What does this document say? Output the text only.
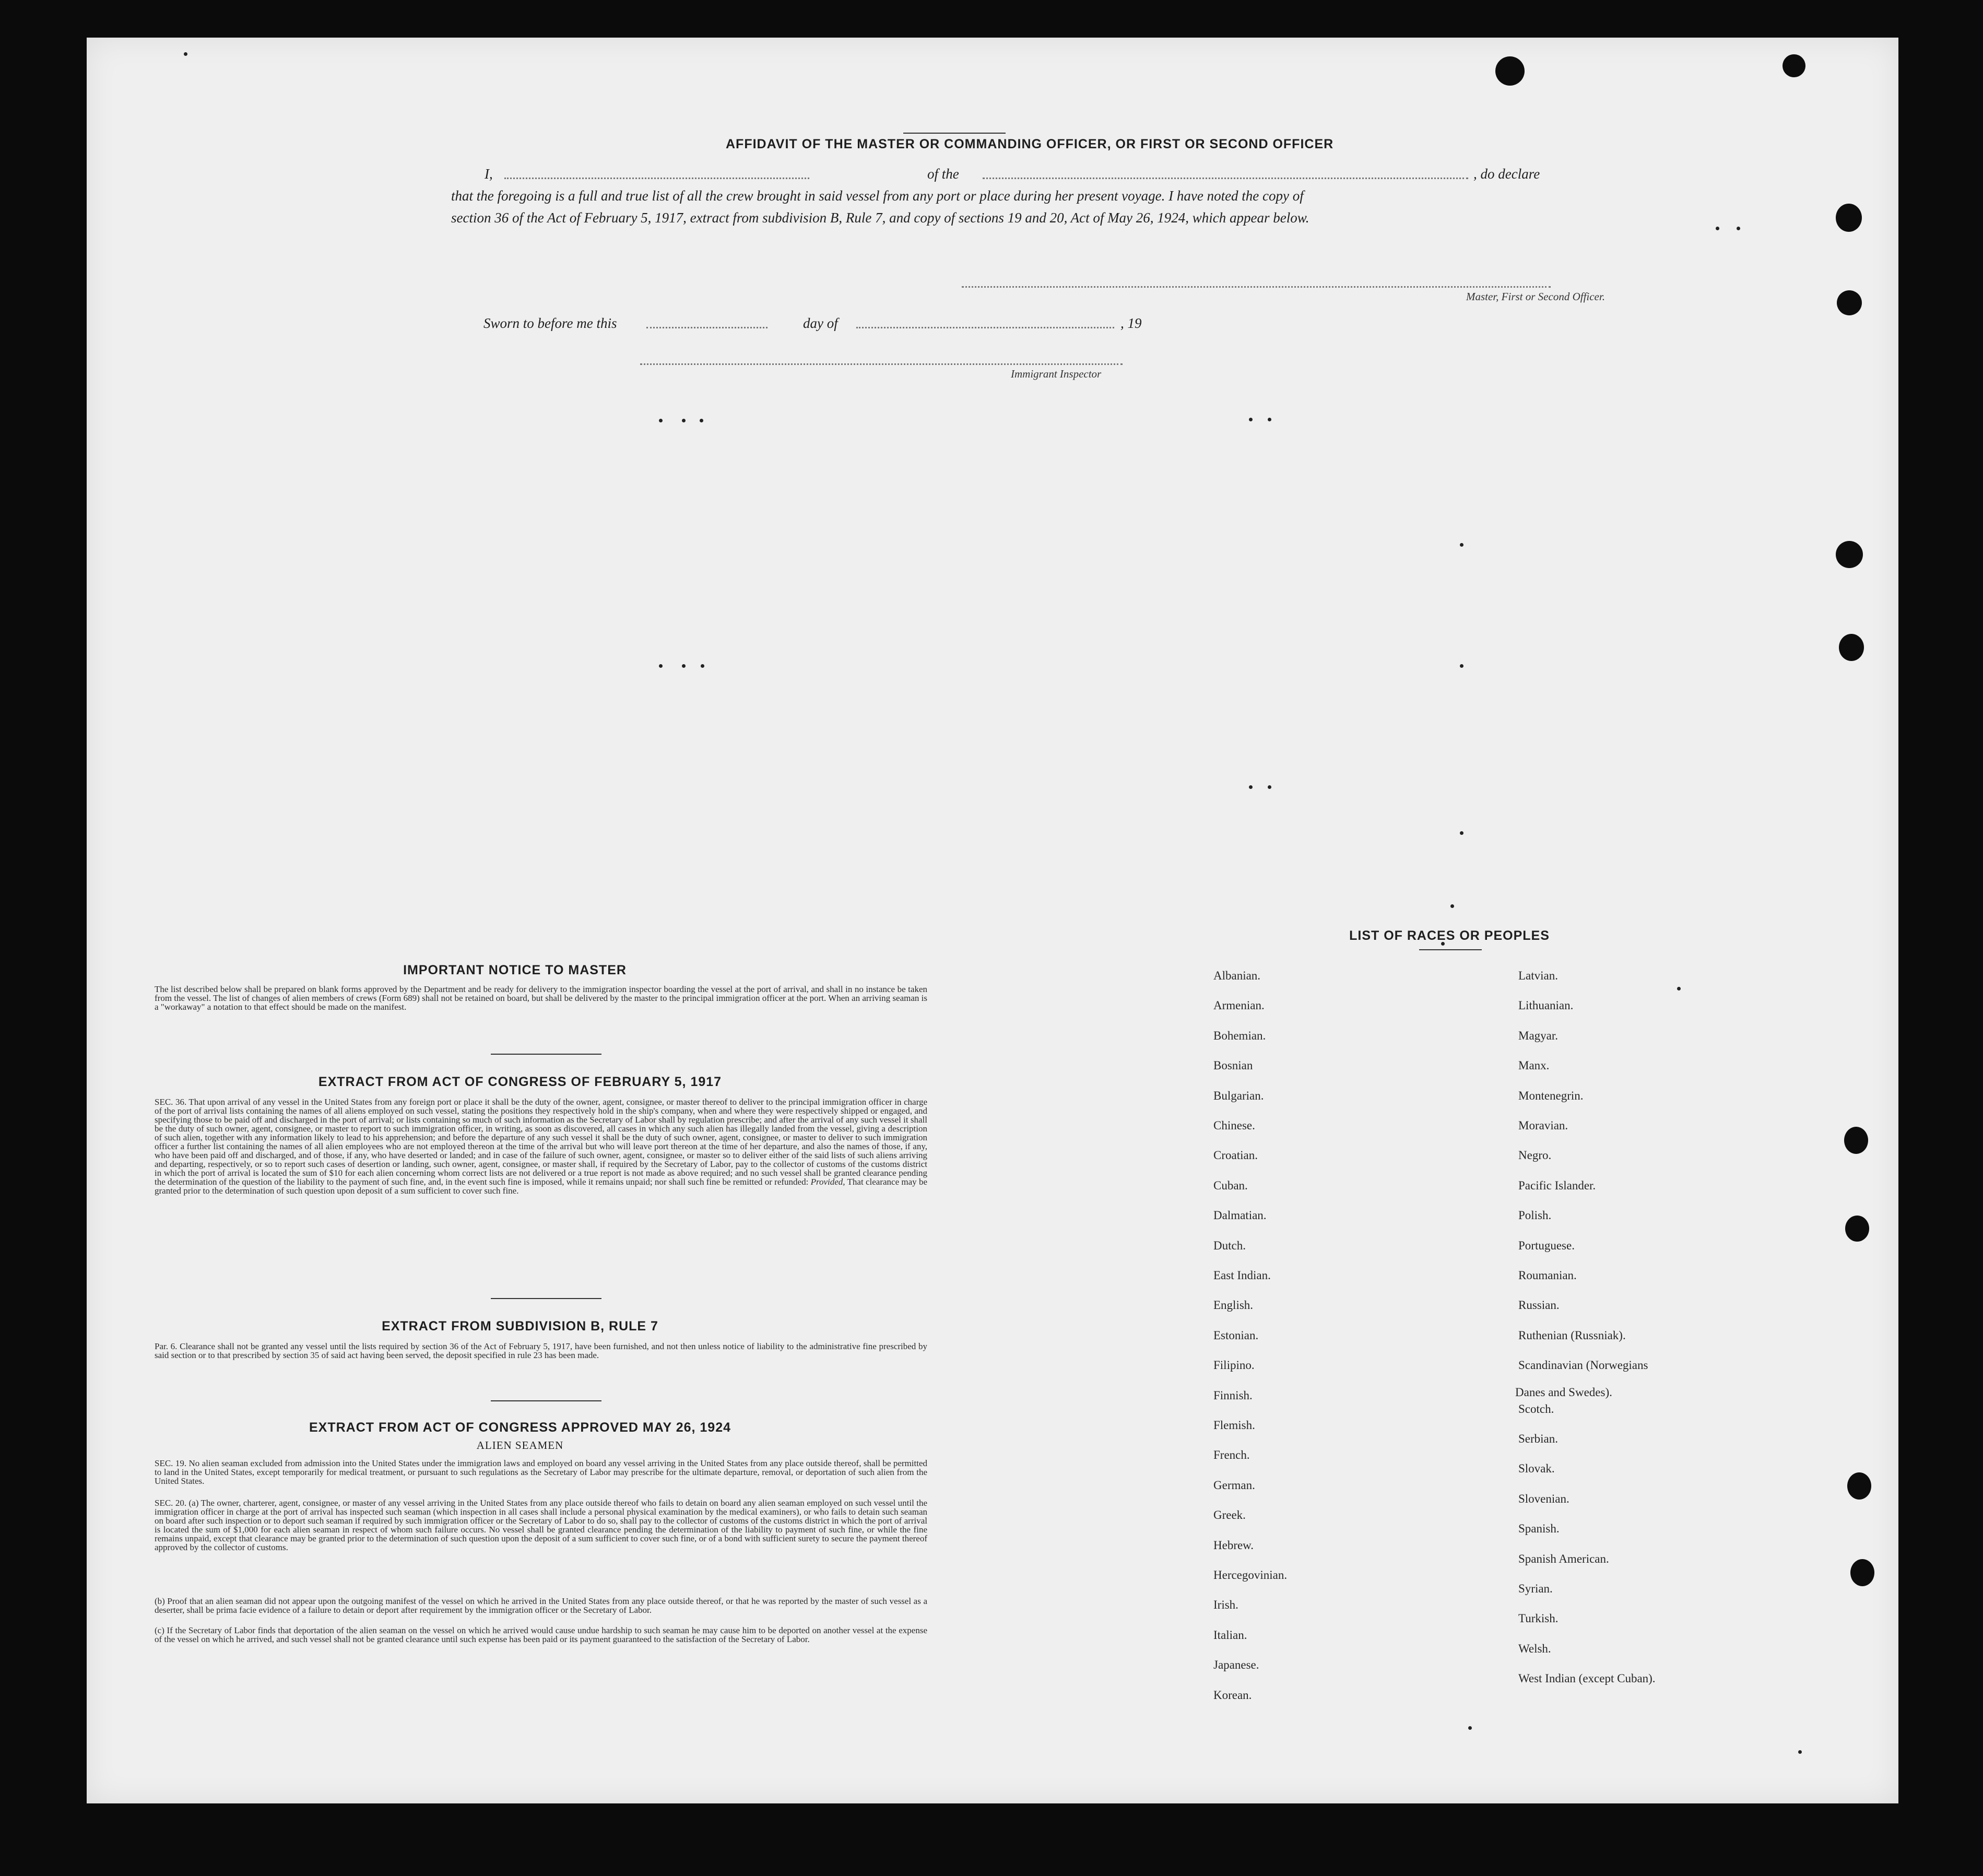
AFFIDAVIT OF THE MASTER OR COMMANDING OFFICER, OR FIRST OR SECOND OFFICER
I,	of the	, do declare
that the foregoing is a full and true list of all the crew brought in said vessel from any port or place during her present voyage. I have noted the copy of
section 36 of the Act of February 5, 1917, extract from subdivision B, Rule 7, and copy of sections 19 and 20, Act of May 26, 1924, which appear below.
Master, First or Second Officer.
Sworn to before me this	day of	, 19
Immigrant Inspector
IMPORTANT NOTICE TO MASTER
The list described below shall be prepared on blank forms approved by the Department and be ready for delivery to the immigration inspector boarding the vessel at the port of arrival, and shall in no instance be taken from the vessel. The list of changes of alien members of crews (Form 689) shall not be retained on board, but shall be delivered by the master to the principal immigration officer at the port. When an arriving seaman is a "workaway" a notation to that effect should be made on the manifest.
EXTRACT FROM ACT OF CONGRESS OF FEBRUARY 5, 1917
SEC. 36. That upon arrival of any vessel in the United States from any foreign port or place it shall be the duty of the owner, agent, consignee, or master thereof to deliver to the principal immigration officer in charge of the port of arrival lists containing the names of all aliens employed on such vessel, stating the positions they respectively hold in the ship's company, when and where they were respectively shipped or engaged, and specifying those to be paid off and discharged in the port of arrival; or lists containing so much of such information as the Secretary of Labor shall by regulation prescribe; and after the arrival of any such vessel it shall be the duty of such owner, agent, consignee, or master to report to such immigration officer, in writing, as soon as discovered, all cases in which any such alien has illegally landed from the vessel, giving a description of such alien, together with any information likely to lead to his apprehension; and before the departure of any such vessel it shall be the duty of such owner, agent, consignee, or master to deliver to such immigration officer a further list containing the names of all alien employees who are not employed thereon at the time of the arrival but who will leave port thereon at the time of her departure, and also the names of those, if any, who have been paid off and discharged, and of those, if any, who have deserted or landed; and in case of the failure of such owner, agent, consignee, or master so to deliver either of the said lists of such aliens arriving and departing, respectively, or so to report such cases of desertion or landing, such owner, agent, consignee, or master shall, if required by the Secretary of Labor, pay to the collector of customs of the customs district in which the port of arrival is located the sum of $10 for each alien concerning whom correct lists are not delivered or a true report is not made as above required; and no such vessel shall be granted clearance pending the determination of the question of the liability to the payment of such fine, and, in the event such fine is imposed, while it remains unpaid; nor shall such fine be remitted or refunded: Provided, That clearance may be granted prior to the determination of such question upon deposit of a sum sufficient to cover such fine.
EXTRACT FROM SUBDIVISION B, RULE 7
Par. 6. Clearance shall not be granted any vessel until the lists required by section 36 of the Act of February 5, 1917, have been furnished, and not then unless notice of liability to the administrative fine prescribed by said section or to that prescribed by section 35 of said act having been served, the deposit specified in rule 23 has been made.
EXTRACT FROM ACT OF CONGRESS APPROVED MAY 26, 1924
ALIEN SEAMEN
SEC. 19. No alien seaman excluded from admission into the United States under the immigration laws and employed on board any vessel arriving in the United States from any place outside thereof, shall be permitted to land in the United States, except temporarily for medical treatment, or pursuant to such regulations as the Secretary of Labor may prescribe for the ultimate departure, removal, or deportation of such alien from the United States.
SEC. 20. (a) The owner, charterer, agent, consignee, or master of any vessel arriving in the United States from any place outside thereof who fails to detain on board any alien seaman employed on such vessel until the immigration officer in charge at the port of arrival has inspected such seaman (which inspection in all cases shall include a personal physical examination by the medical examiners), or who fails to detain such seaman on board after such inspection or to deport such seaman if required by such immigration officer or the Secretary of Labor to do so, shall pay to the collector of customs of the customs district in which the port of arrival is located the sum of $1,000 for each alien seaman in respect of whom such failure occurs. No vessel shall be granted clearance pending the determination of the liability to payment of such fine, or while the fine remains unpaid, except that clearance may be granted prior to the determination of such question upon the deposit of a sum sufficient to cover such fine, or of a bond with sufficient surety to secure the payment thereof approved by the collector of customs.
(b) Proof that an alien seaman did not appear upon the outgoing manifest of the vessel on which he arrived in the United States from any place outside thereof, or that he was reported by the master of such vessel as a deserter, shall be prima facie evidence of a failure to detain or deport after requirement by the immigration officer or the Secretary of Labor.
(c) If the Secretary of Labor finds that deportation of the alien seaman on the vessel on which he arrived would cause undue hardship to such seaman he may cause him to be deported on another vessel at the expense of the vessel on which he arrived, and such vessel shall not be granted clearance until such expense has been paid or its payment guaranteed to the satisfaction of the Secretary of Labor.
LIST OF RACES OR PEOPLES
Albanian.
Armenian.
Bohemian.
Bosnian
Bulgarian.
Chinese.
Croatian.
Cuban.
Dalmatian.
Dutch.
East Indian.
English.
Estonian.
Filipino.
Finnish.
Flemish.
French.
German.
Greek.
Hebrew.
Hercegovinian.
Irish.
Italian.
Japanese.
Korean.
Latvian.
Lithuanian.
Magyar.
Manx.
Montenegrin.
Moravian.
Negro.
Pacific Islander.
Polish.
Portuguese.
Roumanian.
Russian.
Ruthenian (Russniak).
Scandinavian (Norwegians
Scotch.
Serbian.
Slovak.
Slovenian.
Spanish.
Spanish American.
Syrian.
Turkish.
Welsh.
West Indian (except Cuban).
Danes and Swedes).
